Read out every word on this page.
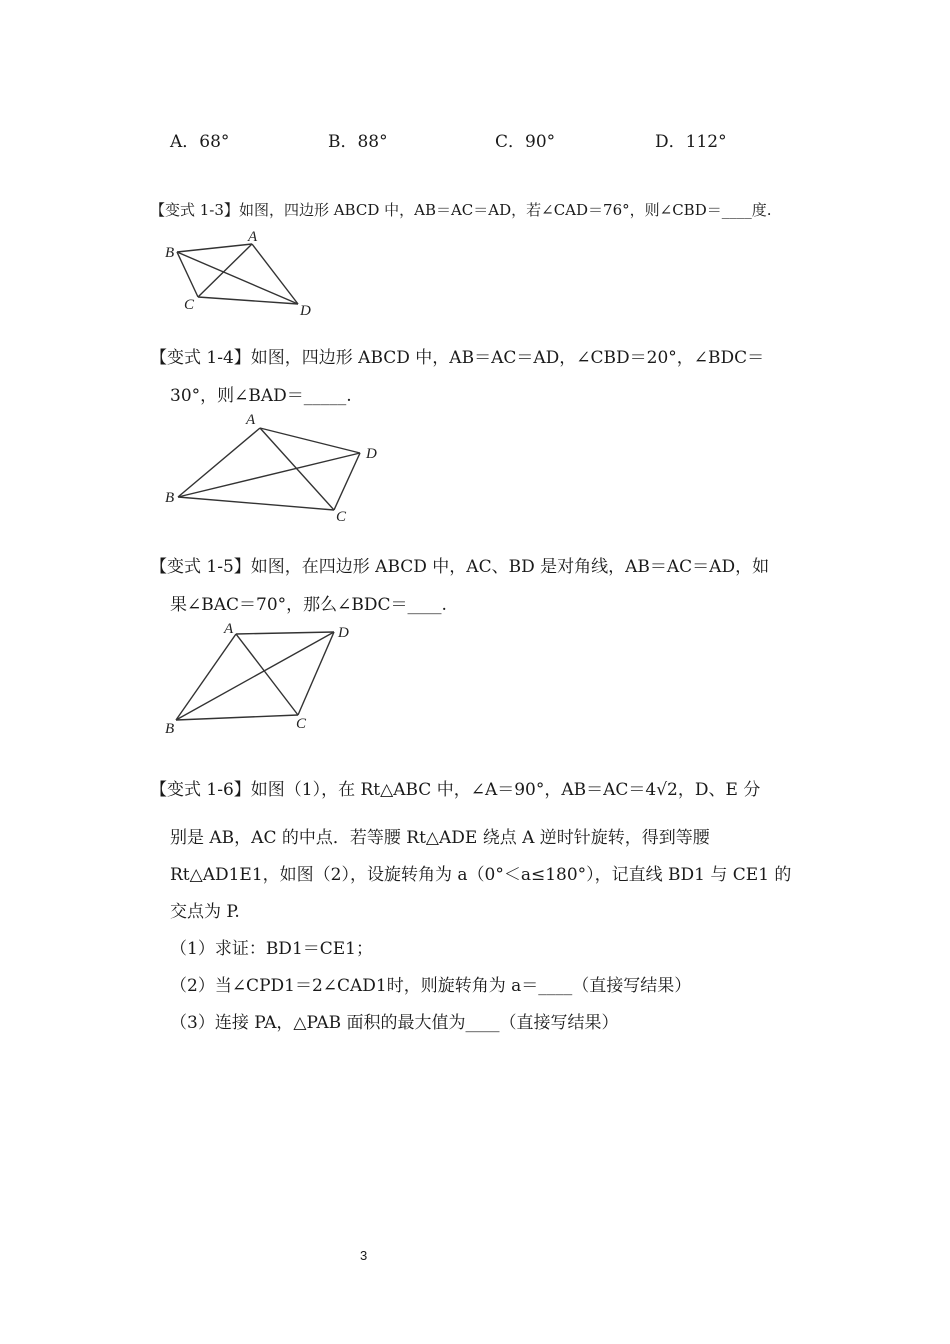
A．68°	B．88°	C．90°	D．112°
【变式 1-3】如图，四边形 ABCD 中，AB＝AC＝AD，若∠CAD＝76°，则∠CBD＝____度.
A
B
C	D
【变式 1-4】如图，四边形 ABCD 中，AB＝AC＝AD，∠CBD＝20°，∠BDC＝
30°，则∠BAD＝_____.
A
B
C
D
【变式 1-5】如图，在四边形 ABCD 中，AC、BD 是对角线，AB＝AC＝AD，如
果∠BAC＝70°，那么∠BDC＝____.
A
B	C
D
【变式 1-6】如图（1），在 Rt△ABC 中，∠A＝90°，AB＝AC＝4√2，D、E 分
别是 AB，AC 的中点．若等腰 Rt△ADE 绕点 A 逆时针旋转，得到等腰
Rt△AD1E1，如图（2），设旋转角为 a（0°＜a≤180°），记直线 BD1 与 CE1 的
交点为 P.
（1）求证：BD1＝CE1；
（2）当∠CPD1＝2∠CAD1时，则旋转角为 a＝____（直接写结果）
（3）连接 PA，△PAB 面积的最大值为____（直接写结果）
3
